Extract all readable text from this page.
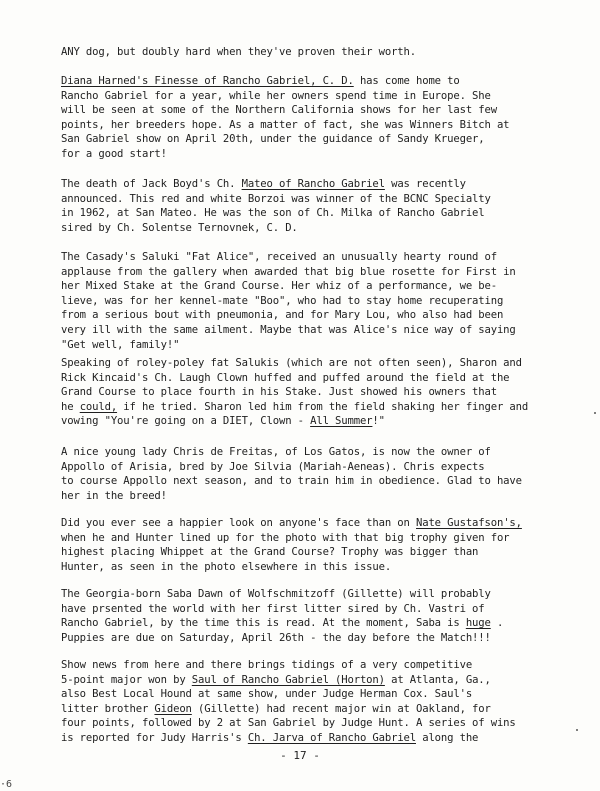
ANY dog, but doubly hard when they've proven their worth.
Diana Harned's Finesse of Rancho Gabriel, C. D. has come home to
Rancho Gabriel for a year, while her owners spend time in Europe. She
will be seen at some of the Northern California shows for her last few
points, her breeders hope. As a matter of fact, she was Winners Bitch at
San Gabriel show on April 20th, under the guidance of Sandy Krueger,
for a good start!
The death of Jack Boyd's Ch. Mateo of Rancho Gabriel was recently
announced. This red and white Borzoi was winner of the BCNC Specialty
in 1962, at San Mateo. He was the son of Ch. Milka of Rancho Gabriel
sired by Ch. Solentse Ternovnek, C. D.
The Casady's Saluki "Fat Alice", received an unusually hearty round of
applause from the gallery when awarded that big blue rosette for First in
her Mixed Stake at the Grand Course. Her whiz of a performance, we be-
lieve, was for her kennel-mate "Boo", who had to stay home recuperating
from a serious bout with pneumonia, and for Mary Lou, who also had been
very ill with the same ailment. Maybe that was Alice's nice way of saying
"Get well, family!"
Speaking of roley-poley fat Salukis (which are not often seen), Sharon and
Rick Kincaid's Ch. Laugh Clown huffed and puffed around the field at the
Grand Course to place fourth in his Stake. Just showed his owners that
he could, if he tried. Sharon led him from the field shaking her finger and
vowing "You're going on a DIET, Clown - All Summer!"
A nice young lady Chris de Freitas, of Los Gatos, is now the owner of
Appollo of Arisia, bred by Joe Silvia (Mariah-Aeneas). Chris expects
to course Appollo next season, and to train him in obedience. Glad to have
her in the breed!
Did you ever see a happier look on anyone's face than on Nate Gustafson's,
when he and Hunter lined up for the photo with that big trophy given for
highest placing Whippet at the Grand Course? Trophy was bigger than
Hunter, as seen in the photo elsewhere in this issue.
The Georgia-born Saba Dawn of Wolfschmitzoff (Gillette) will probably
have prsented the world with her first litter sired by Ch. Vastri of
Rancho Gabriel, by the time this is read. At the moment, Saba is huge .
Puppies are due on Saturday, April 26th - the day before the Match!!!
Show news from here and there brings tidings of a very competitive
5-point major won by Saul of Rancho Gabriel (Horton) at Atlanta, Ga.,
also Best Local Hound at same show, under Judge Herman Cox. Saul's
litter brother Gideon (Gillette) had recent major win at Oakland, for
four points, followed by 2 at San Gabriel by Judge Hunt. A series of wins
is reported for Judy Harris's Ch. Jarva of Rancho Gabriel along the
- 17 -
·6
